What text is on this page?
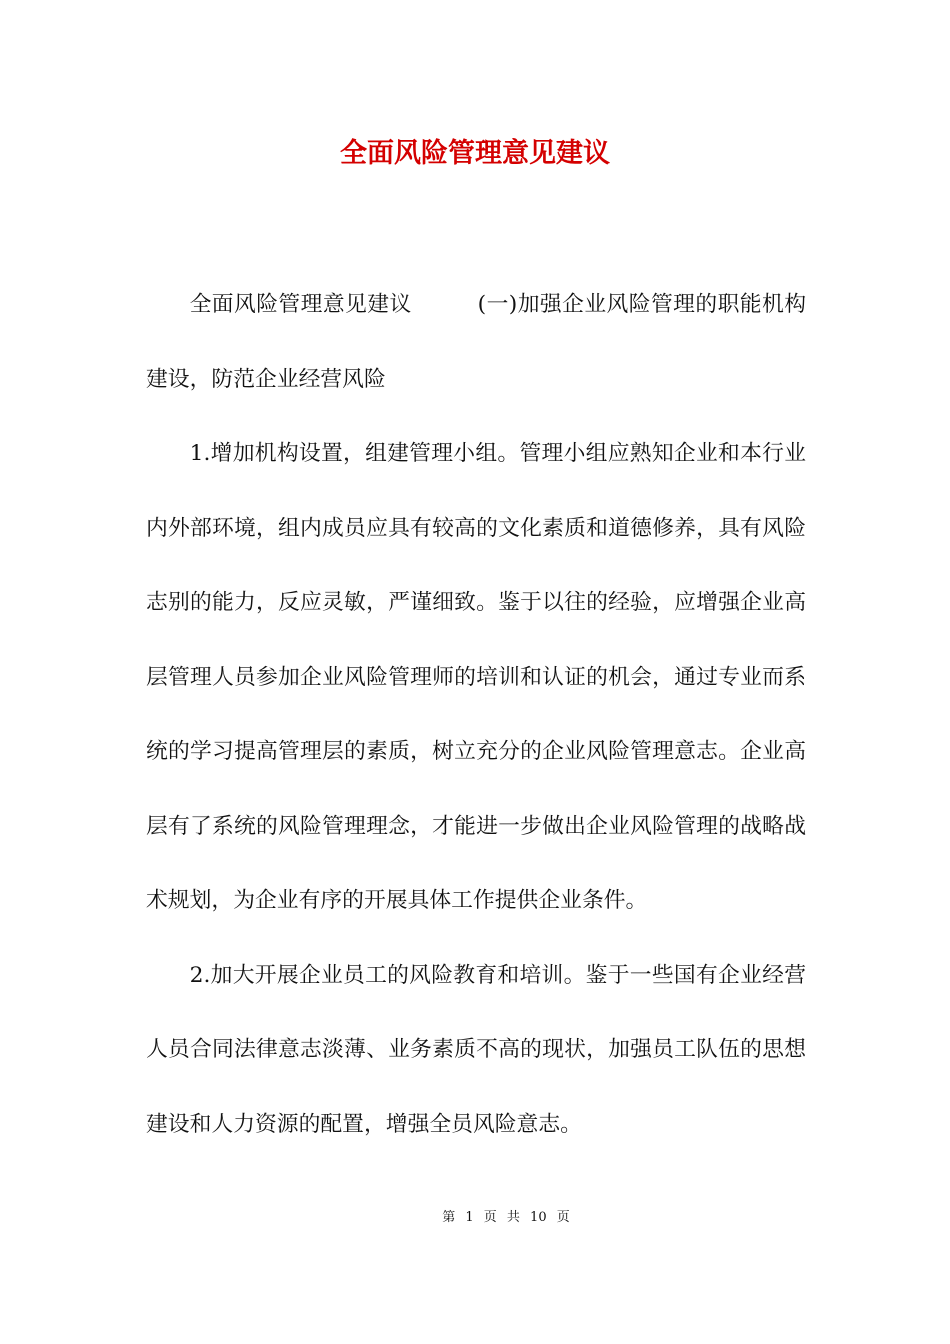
全面风险管理意见建议

全面风险管理意见建议	(一)加强企业风险管理的职能机构建设，防范企业经营风险

1.增加机构设置，组建管理小组。管理小组应熟知企业和本行业内外部环境，组内成员应具有较高的文化素质和道德修养，具有风险志别的能力，反应灵敏，严谨细致。鉴于以往的经验，应增强企业高层管理人员参加企业风险管理师的培训和认证的机会，通过专业而系统的学习提高管理层的素质，树立充分的企业风险管理意志。企业高层有了系统的风险管理理念，才能进一步做出企业风险管理的战略战术规划，为企业有序的开展具体工作提供企业条件。

2.加大开展企业员工的风险教育和培训。鉴于一些国有企业经营人员合同法律意志淡薄、业务素质不高的现状，加强员工队伍的思想建设和人力资源的配置，增强全员风险意志。

第 1 页 共 10 页
